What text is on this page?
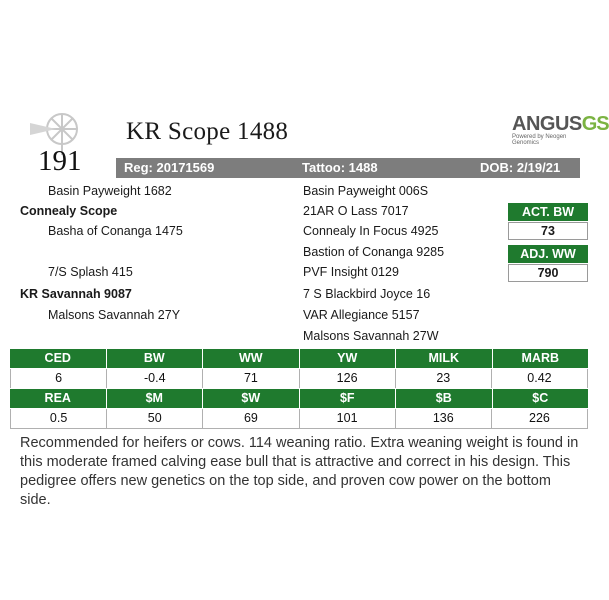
191
KR Scope 1488	ANGUSGS
Powered by Neogen Genomics
Reg: 20171569	Tattoo: 1488	DOB: 2/19/21
Basin Payweight 1682
Connealy Scope
Basha of Conanga 1475
7/S Splash 415
KR Savannah 9087
Malsons Savannah 27Y
Basin Payweight 006S
21AR O Lass 7017
Connealy In Focus 4925
Bastion of Conanga 9285
PVF Insight 0129
7 S Blackbird Joyce 16
VAR Allegiance 5157
Malsons Savannah 27W
ACT. BW
73
ADJ. WW
790
CED	BW	WW	YW	MILK	MARB
6	-0.4	71	126	23	0.42
REA	$M	$W	$F	$B	$C
0.5	50	69	101	136	226
Recommended for heifers or cows. 114 weaning ratio. Extra weaning weight is found in this moderate framed calving ease bull that is attractive and correct in his design. This pedigree offers new genetics on the top side, and proven cow power on the bottom side.
